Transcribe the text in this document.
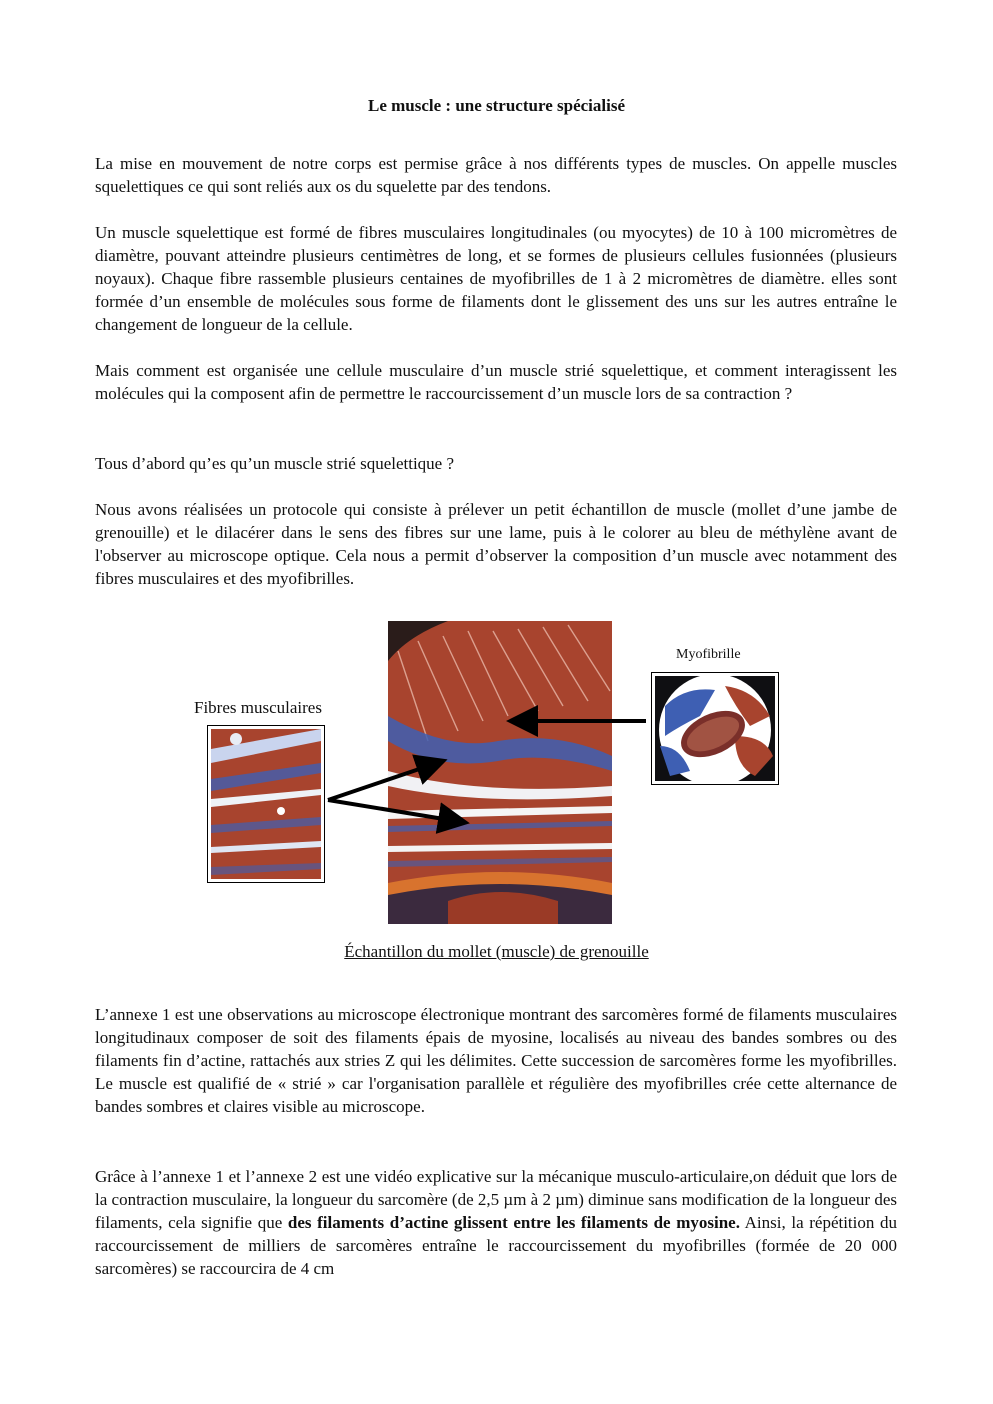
Le muscle : une structure spécialisé

La mise en mouvement de notre corps est permise grâce à nos différents types de muscles. On appelle muscles squelettiques ce qui sont reliés aux os du squelette par des tendons.

Un muscle squelettique est formé de fibres musculaires longitudinales (ou myocytes) de 10 à 100 micromètres de diamètre, pouvant atteindre plusieurs centimètres de long, et se formes de plusieurs cellules fusionnées (plusieurs noyaux). Chaque fibre rassemble plusieurs centaines de myofibrilles de 1 à 2 micromètres de diamètre. elles sont formée d’un ensemble de molécules sous forme de filaments dont le glissement des uns sur les autres entraîne le changement de longueur de la cellule.

Mais comment est organisée une cellule musculaire d’un muscle strié squelettique, et comment interagissent les molécules qui la composent afin de permettre le raccourcissement d’un muscle lors de sa contraction ?

Tous d’abord qu’es qu’un muscle strié squelettique ?

Nous avons réalisées un protocole qui consiste à prélever un petit échantillon de muscle (mollet d’une jambe de grenouille) et le dilacérer dans le sens des fibres sur une lame, puis à le colorer au bleu de méthylène avant de l'observer au microscope optique. Cela nous a permit d’observer la composition d’un muscle avec notamment des fibres musculaires et des myofibrilles.

Fibres musculaires
Myofibrille
Échantillon du mollet (muscle) de grenouille

L’annexe 1 est une observations au microscope électronique montrant des sarcomères formé de filaments musculaires longitudinaux composer de soit des filaments épais de myosine, localisés au niveau des bandes sombres ou des filaments fin d’actine, rattachés aux stries Z qui les délimites. Cette succession de sarcomères forme les myofibrilles. Le muscle est qualifié de « strié » car l'organisation parallèle et régulière des myofibrilles crée cette alternance de bandes sombres et claires visible au microscope.

Grâce à l’annexe 1 et l’annexe 2 est une vidéo explicative sur la mécanique musculo-articulaire,on déduit que lors de la contraction musculaire, la longueur du sarcomère (de 2,5 µm à 2 µm) diminue sans modification de la longueur des filaments, cela signifie que des filaments d’actine glissent entre les filaments de myosine. Ainsi, la répétition du raccourcissement de milliers de sarcomères entraîne le raccourcissement du myofibrilles (formée de 20 000 sarcomères) se raccourcira de 4 cm
